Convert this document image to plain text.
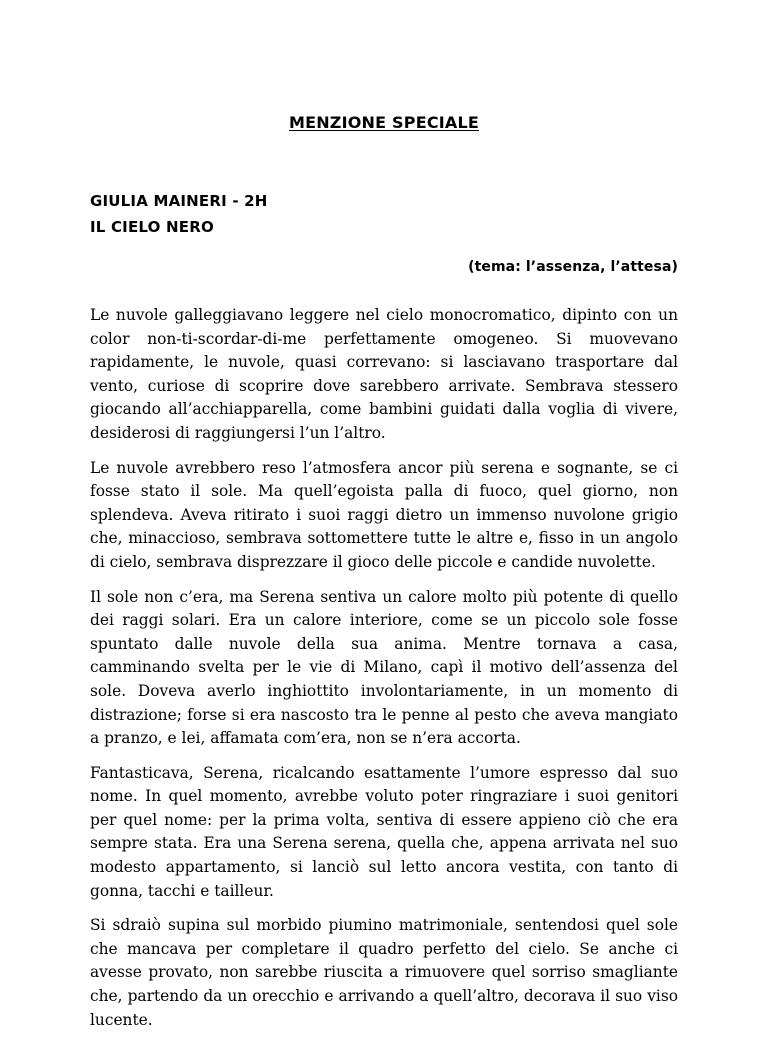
MENZIONE SPECIALE
GIULIA MAINERI - 2H
IL CIELO NERO
(tema: l’assenza, l’attesa)

Le nuvole galleggiavano leggere nel cielo monocromatico, dipinto con un color non-ti-scordar-di-me perfettamente omogeneo. Si muovevano rapidamente, le nuvole, quasi correvano: si lasciavano trasportare dal vento, curiose di scoprire dove sarebbero arrivate. Sembrava stessero giocando all’acchiapparella, come bambini guidati dalla voglia di vivere, desiderosi di raggiungersi l’un l’altro.

Le nuvole avrebbero reso l’atmosfera ancor più serena e sognante, se ci fosse stato il sole. Ma quell’egoista palla di fuoco, quel giorno, non splendeva. Aveva ritirato i suoi raggi dietro un immenso nuvolone grigio che, minaccioso, sembrava sottomettere tutte le altre e, fisso in un angolo di cielo, sembrava disprezzare il gioco delle piccole e candide nuvolette.

Il sole non c’era, ma Serena sentiva un calore molto più potente di quello dei raggi solari. Era un calore interiore, come se un piccolo sole fosse spuntato dalle nuvole della sua anima. Mentre tornava a casa, camminando svelta per le vie di Milano, capì il motivo dell’assenza del sole. Doveva averlo inghiottito involontariamente, in un momento di distrazione; forse si era nascosto tra le penne al pesto che aveva mangiato a pranzo, e lei, affamata com’era, non se n’era accorta.

Fantasticava, Serena, ricalcando esattamente l’umore espresso dal suo nome. In quel momento, avrebbe voluto poter ringraziare i suoi genitori per quel nome: per la prima volta, sentiva di essere appieno ciò che era sempre stata. Era una Serena serena, quella che, appena arrivata nel suo modesto appartamento, si lanciò sul letto ancora vestita, con tanto di gonna, tacchi e tailleur.

Si sdraiò supina sul morbido piumino matrimoniale, sentendosi quel sole che mancava per completare il quadro perfetto del cielo. Se anche ci avesse provato, non sarebbe riuscita a rimuovere quel sorriso smagliante che, partendo da un orecchio e arrivando a quell’altro, decorava il suo viso lucente.
